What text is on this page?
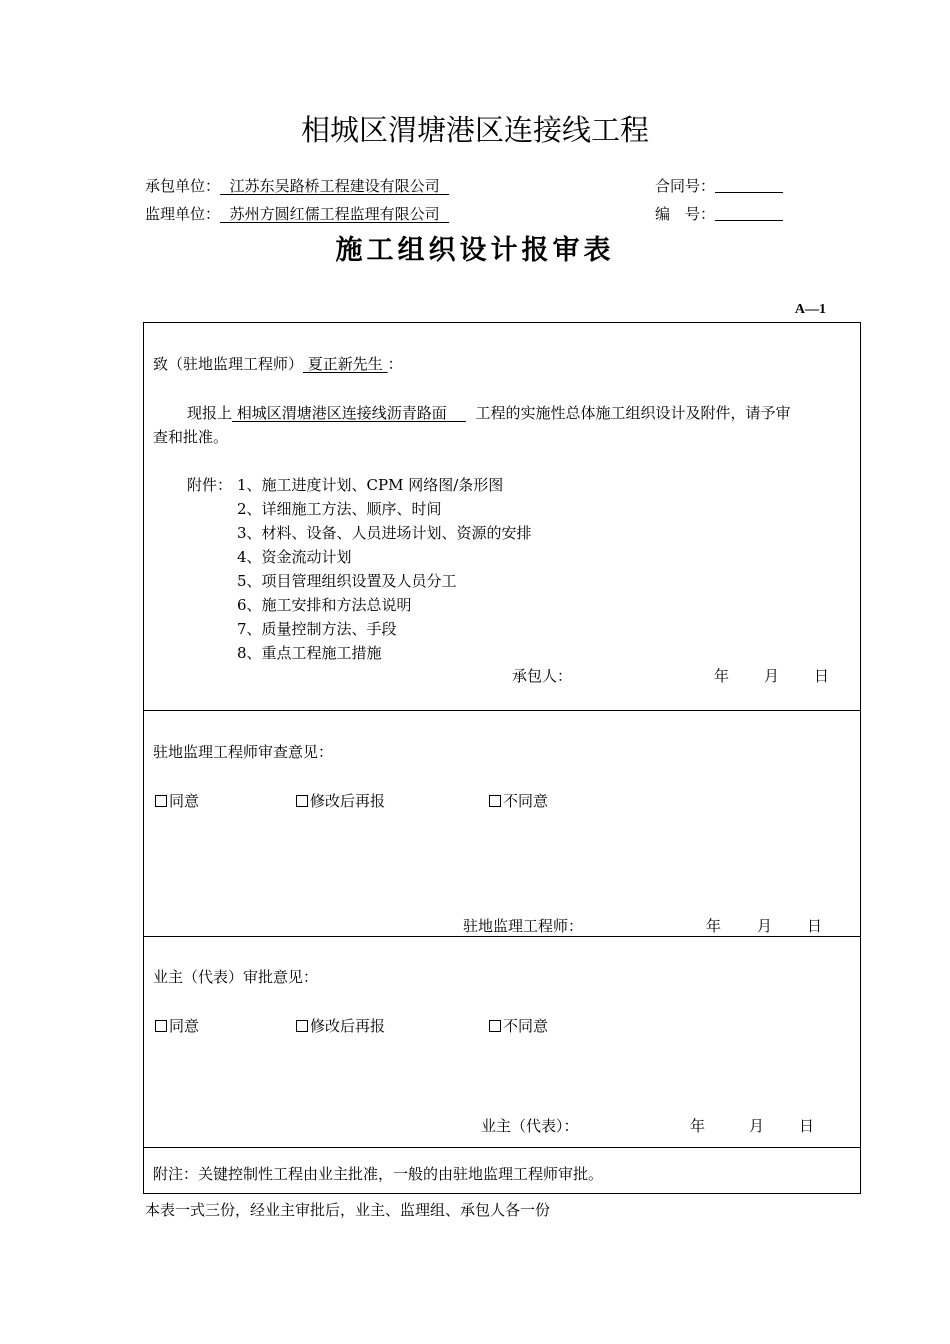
相城区渭塘港区连接线工程
承包单位： 江苏东吴路桥工程建设有限公司	合同号：
监理单位： 苏州方圆红儒工程监理有限公司	编　号：
施工组织设计报审表
A—1
致（驻地监理工程师） 夏正新先生 ：
现报上 相城区渭塘港区连接线沥青路面 工程的实施性总体施工组织设计及附件，请予审
查和批准。
附件： 1、施工进度计划、CPM 网络图/条形图
2、详细施工方法、顺序、时间
3、材料、设备、人员进场计划、资源的安排
4、资金流动计划
5、项目管理组织设置及人员分工
6、施工安排和方法总说明
7、质量控制方法、手段
8、重点工程施工措施
承包人：	年 月 日
驻地监理工程师审查意见：
同意	修改后再报	不同意
驻地监理工程师：	年 月 日
业主（代表）审批意见：
同意	修改后再报	不同意
业主（代表）：	年	月 日
附注：关键控制性工程由业主批准，一般的由驻地监理工程师审批。
本表一式三份，经业主审批后，业主、监理组、承包人各一份
